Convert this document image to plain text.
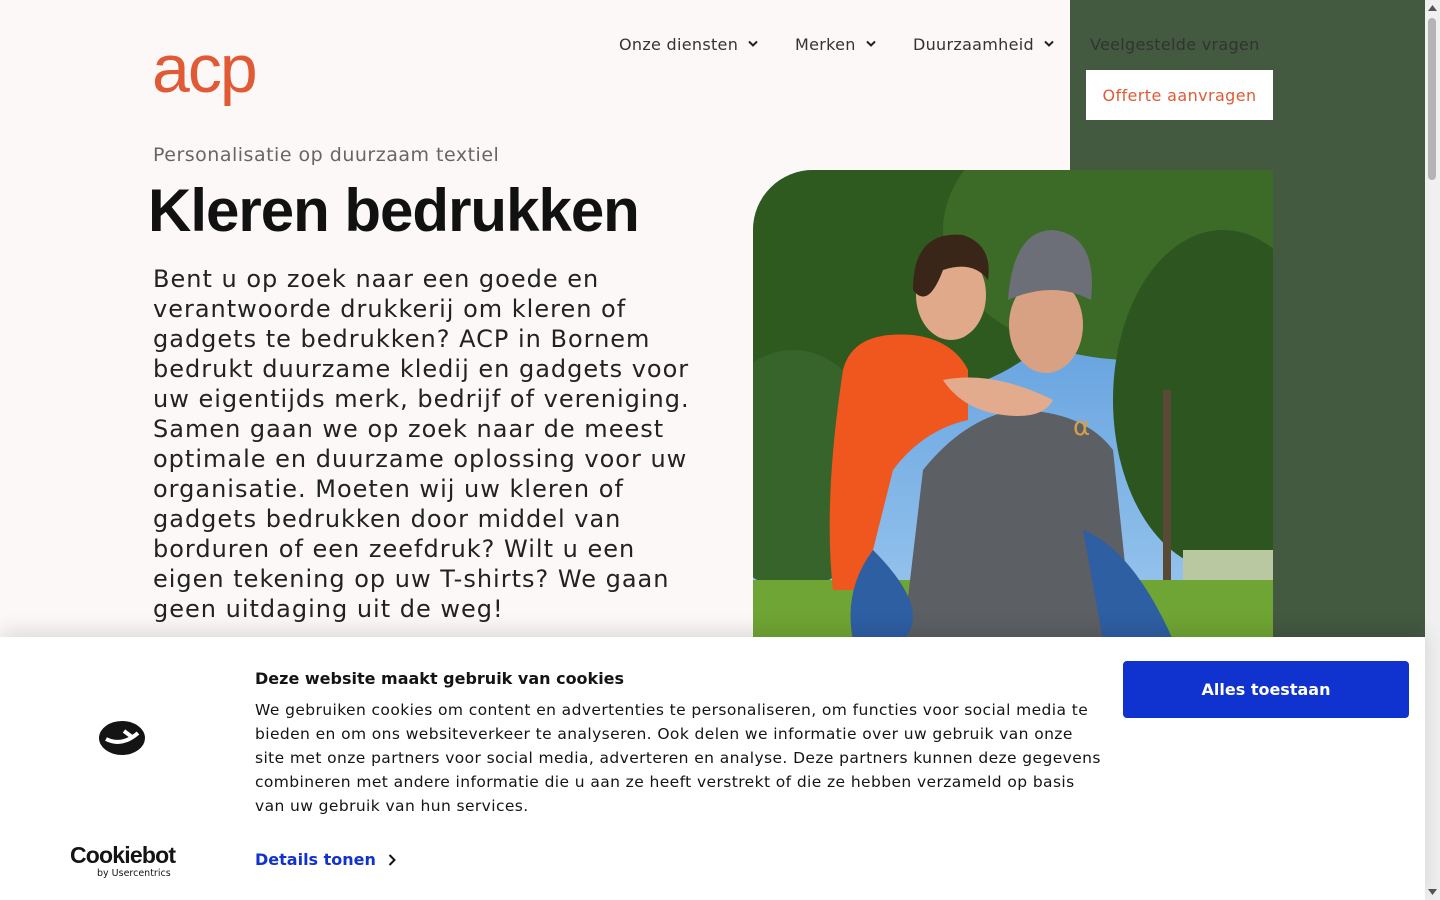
acp	Onze diensten	Merken	Duurzaamheid	Veelgestelde vragen
Offerte aanvragen
Personalisatie op duurzaam textiel
Kleren bedrukken

Bent u op zoek naar een goede en verantwoorde drukkerij om kleren of gadgets te bedrukken? ACP in Bornem bedrukt duurzame kledij en gadgets voor uw eigentijds merk, bedrijf of vereniging. Samen gaan we op zoek naar de meest optimale en duurzame oplossing voor uw organisatie. Moeten wij uw kleren of gadgets bedrukken door middel van borduren of een zeefdruk? Wilt u een eigen tekening op uw T-shirts? We gaan geen uitdaging uit de weg!

α
Cookiebot
by Usercentrics
Deze website maakt gebruik van cookies
We gebruiken cookies om content en advertenties te personaliseren, om functies voor social media te bieden en om ons websiteverkeer te analyseren. Ook delen we informatie over uw gebruik van onze site met onze partners voor social media, adverteren en analyse. Deze partners kunnen deze gegevens combineren met andere informatie die u aan ze heeft verstrekt of die ze hebben verzameld op basis van uw gebruik van hun services.
Details tonen
Alles toestaan
